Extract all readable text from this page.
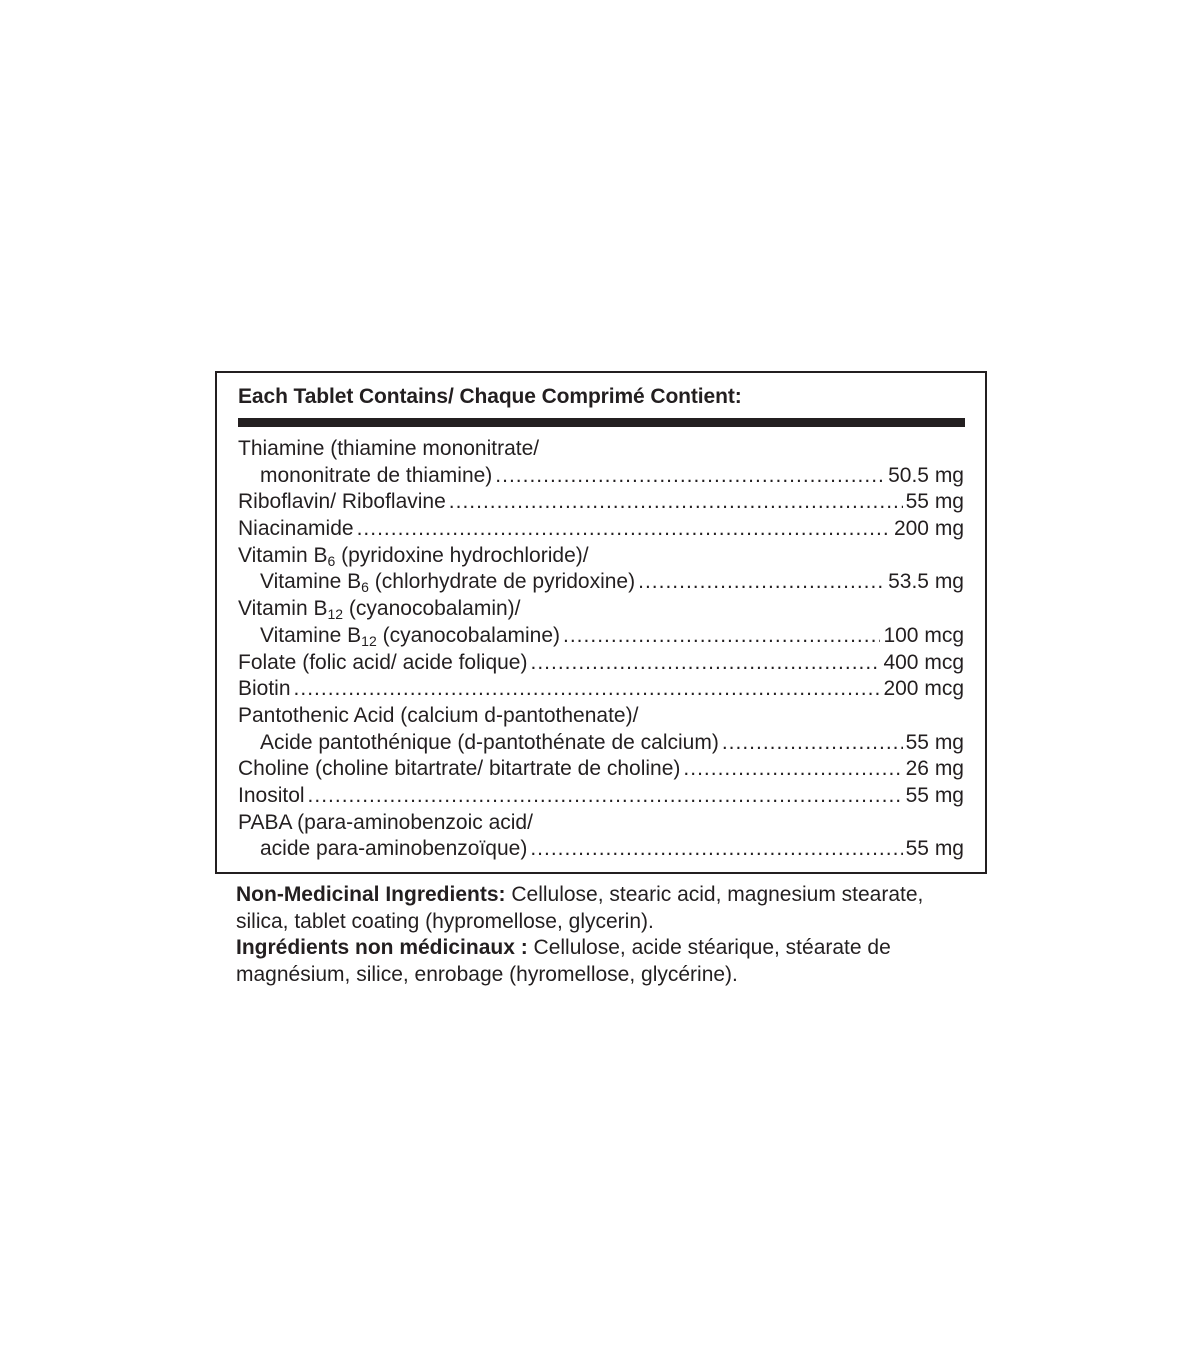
Each Tablet Contains/ Chaque Comprimé Contient:
Thiamine (thiamine mononitrate/
mononitrate de thiamine) .....	50.5 mg
Riboflavin/ Riboflavine .....	55 mg
Niacinamide .....	200 mg
Vitamin B6 (pyridoxine hydrochloride)/
Vitamine B6 (chlorhydrate de pyridoxine) .....	53.5 mg
Vitamin B12 (cyanocobalamin)/
Vitamine B12 (cyanocobalamine) .....	100 mcg
Folate (folic acid/ acide folique) .....	400 mcg
Biotin .....	200 mcg
Pantothenic Acid (calcium d-pantothenate)/
Acide pantothénique (d-pantothénate de calcium) .....	55 mg
Choline (choline bitartrate/ bitartrate de choline) .....	26 mg
Inositol .....	55 mg
PABA (para-aminobenzoic acid/
acide para-aminobenzoïque) .....	55 mg

Non-Medicinal Ingredients: Cellulose, stearic acid, magnesium stearate, silica, tablet coating (hypromellose, glycerin).

Ingrédients non médicinaux : Cellulose, acide stéarique, stéarate de magnésium, silice, enrobage (hyromellose, glycérine).
